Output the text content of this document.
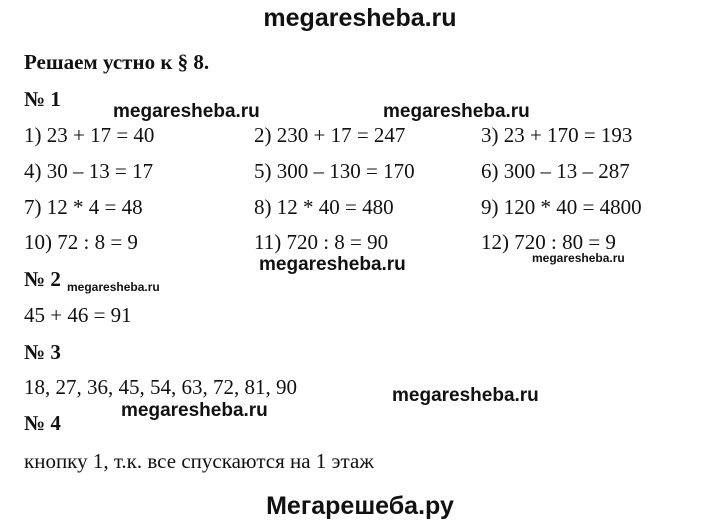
megaresheba.ru
Решаем устно к § 8.
№ 1
megaresheba.ru	megaresheba.ru
1) 23 + 17 = 40	2) 230 + 17 = 247	3) 23 + 170 = 193
4) 30 – 13 = 17	5) 300 – 130 = 170	6) 300 – 13 – 287
7) 12 * 4 = 48	8) 12 * 40 = 480	9) 120 * 40 = 4800
10) 72 : 8 = 9	11) 720 : 8 = 90	12) 720 : 80 = 9
megaresheba.ru	megaresheba.ru
№ 2 megaresheba.ru
45 + 46 = 91
№ 3
18, 27, 36, 45, 54, 63, 72, 81, 90	megaresheba.ru
megaresheba.ru
№ 4
кнопку 1, т.к. все спускаются на 1 этаж
Мегарешеба.ру
